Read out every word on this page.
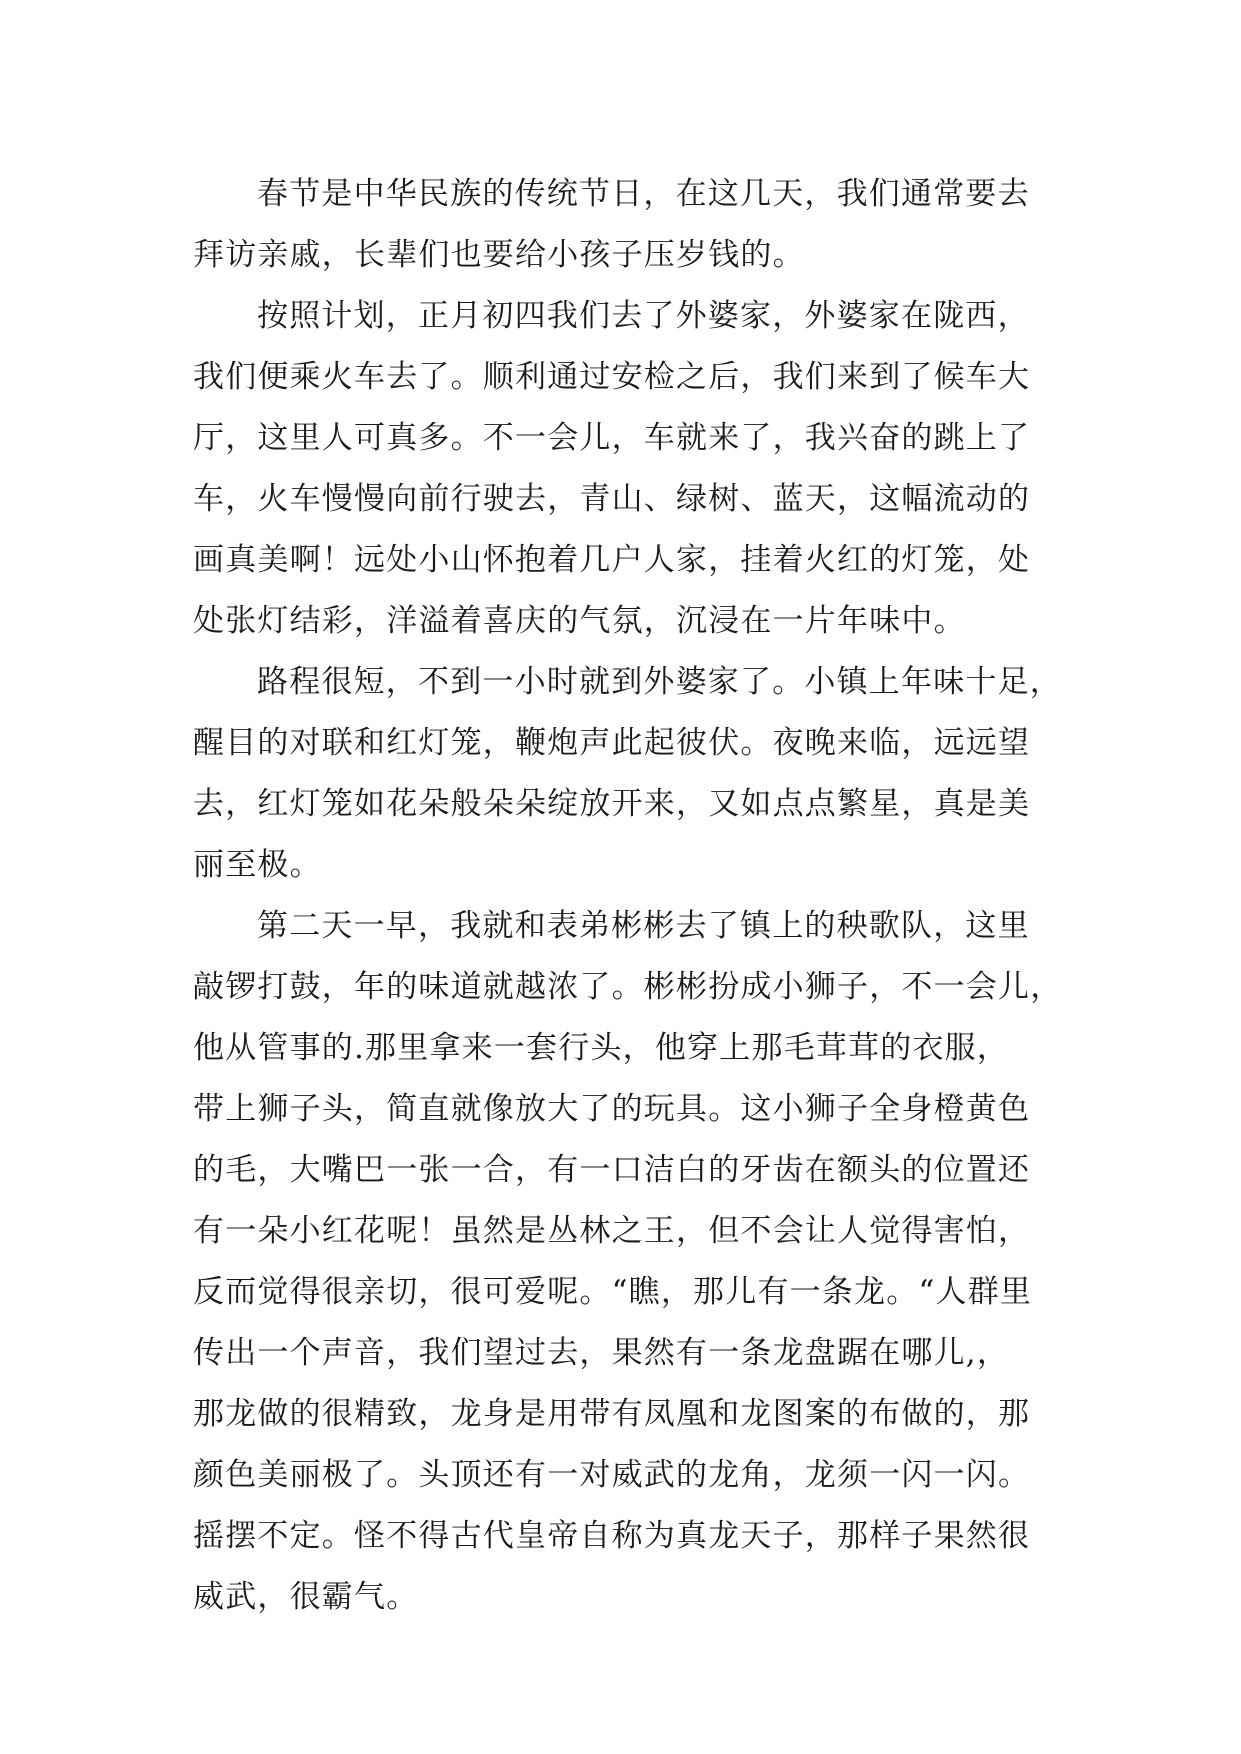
春节是中华民族的传统节日，在这几天，我们通常要去
拜访亲戚，长辈们也要给小孩子压岁钱的。
按照计划，正月初四我们去了外婆家，外婆家在陇西，
我们便乘火车去了。顺利通过安检之后，我们来到了候车大
厅，这里人可真多。不一会儿，车就来了，我兴奋的跳上了
车，火车慢慢向前行驶去，青山、绿树、蓝天，这幅流动的
画真美啊！远处小山怀抱着几户人家，挂着火红的灯笼，处
处张灯结彩，洋溢着喜庆的气氛，沉浸在一片年味中。
路程很短，不到一小时就到外婆家了。小镇上年味十足，
醒目的对联和红灯笼，鞭炮声此起彼伏。夜晚来临，远远望
去，红灯笼如花朵般朵朵绽放开来，又如点点繁星，真是美
丽至极。
第二天一早，我就和表弟彬彬去了镇上的秧歌队，这里
敲锣打鼓，年的味道就越浓了。彬彬扮成小狮子，不一会儿，
他从管事的.那里拿来一套行头，他穿上那毛茸茸的衣服，
带上狮子头，简直就像放大了的玩具。这小狮子全身橙黄色
的毛，大嘴巴一张一合，有一口洁白的牙齿在额头的位置还
有一朵小红花呢！虽然是丛林之王，但不会让人觉得害怕，
反而觉得很亲切，很可爱呢。“瞧，那儿有一条龙。“人群里
传出一个声音，我们望过去，果然有一条龙盘踞在哪儿,，
那龙做的很精致，龙身是用带有凤凰和龙图案的布做的，那
颜色美丽极了。头顶还有一对威武的龙角，龙须一闪一闪。
摇摆不定。怪不得古代皇帝自称为真龙天子，那样子果然很
威武，很霸气。
